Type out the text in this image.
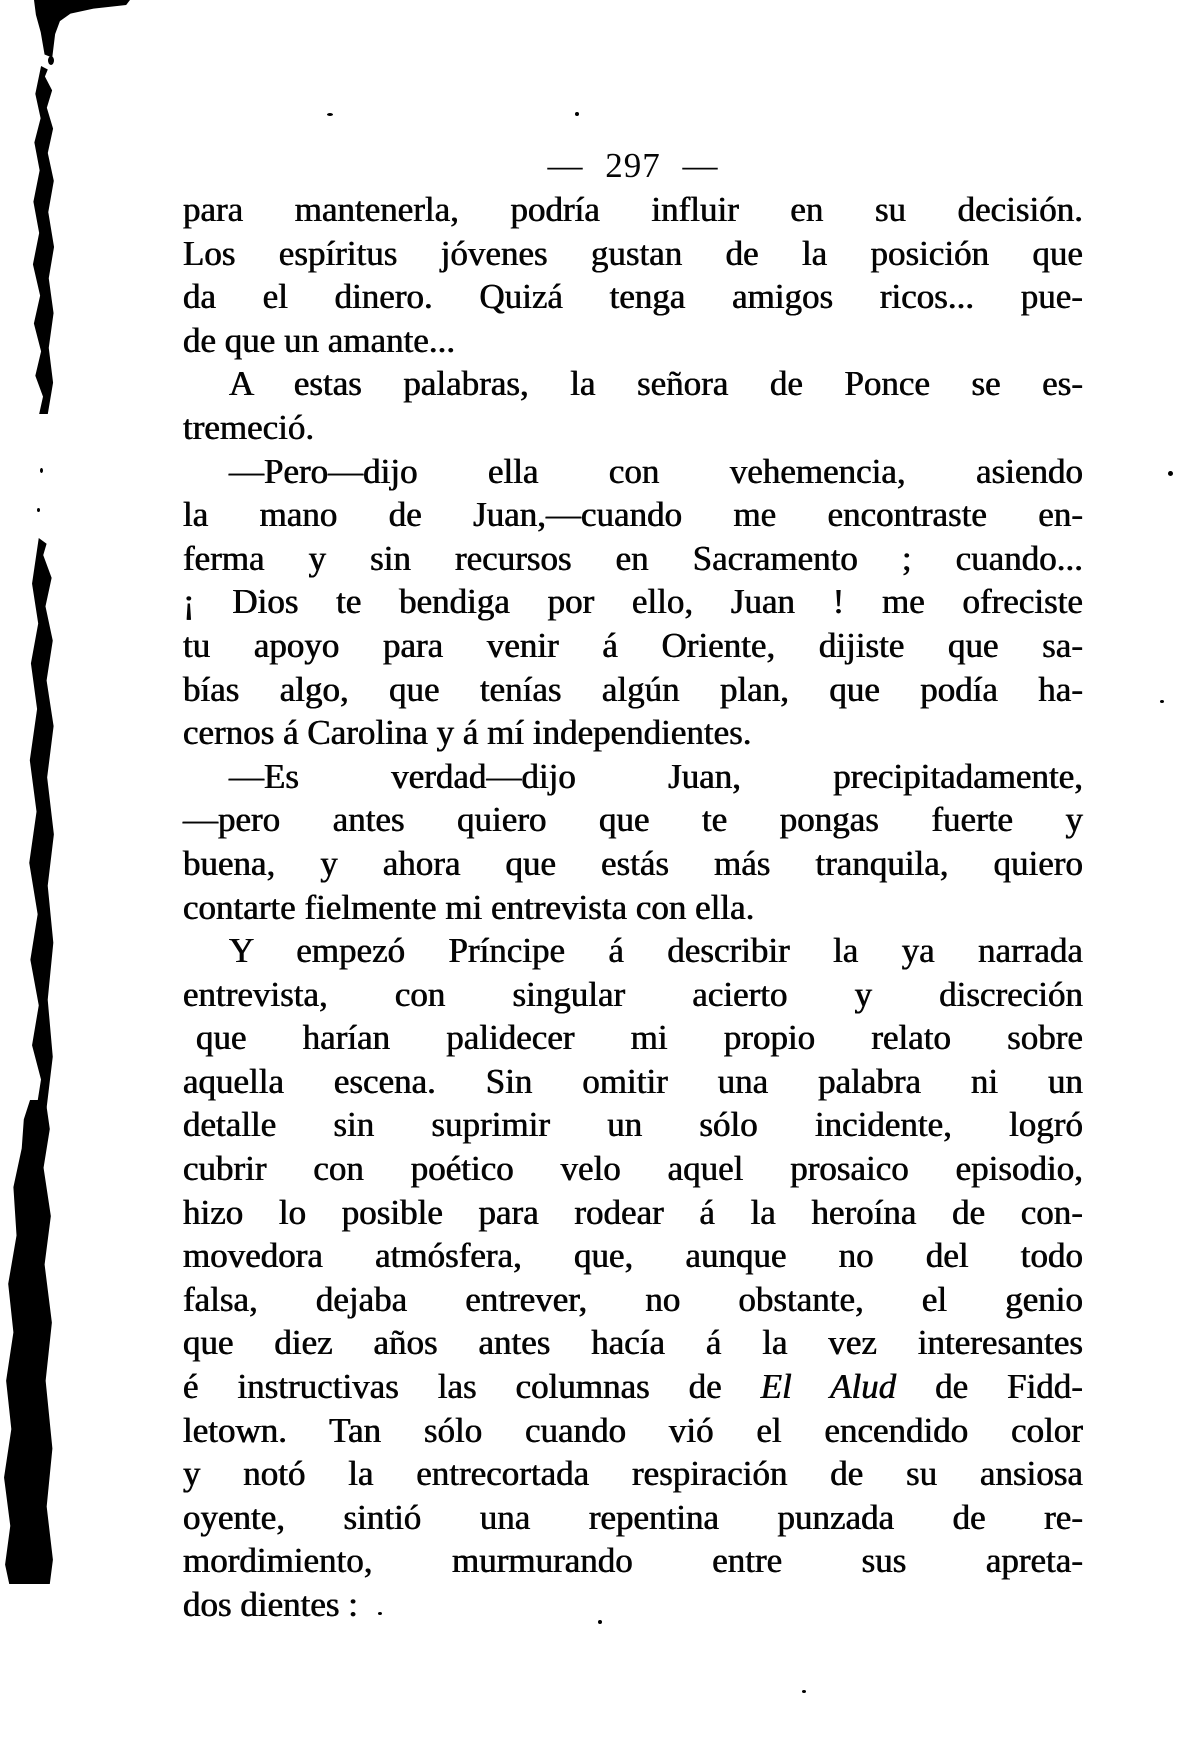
— 297 —
para mantenerla, podría influir en su decisión.
Los espíritus jóvenes gustan de la posición que
da el dinero. Quizá tenga amigos ricos... pue-
de que un amante...
A estas palabras, la señora de Ponce se es-
tremeció.
—Pero—dijo ella con vehemencia, asiendo
la mano de Juan,—cuando me encontraste en-
ferma y sin recursos en Sacramento ; cuando...
¡ Dios te bendiga por ello, Juan ! me ofreciste
tu apoyo para venir á Oriente, dijiste que sa-
bías algo, que tenías algún plan, que podía ha-
cernos á Carolina y á mí independientes.
—Es verdad—dijo Juan, precipitadamente,
—pero antes quiero que te pongas fuerte y
buena, y ahora que estás más tranquila, quiero
contarte fielmente mi entrevista con ella.
Y empezó Príncipe á describir la ya narrada
entrevista, con singular acierto y discreción
que harían palidecer mi propio relato sobre
aquella escena. Sin omitir una palabra ni un
detalle sin suprimir un sólo incidente, logró
cubrir con poético velo aquel prosaico episodio,
hizo lo posible para rodear á la heroína de con-
movedora atmósfera, que, aunque no del todo
falsa, dejaba entrever, no obstante, el genio
que diez años antes hacía á la vez interesantes
é instructivas las columnas de El Alud de Fidd-
letown. Tan sólo cuando vió el encendido color
y notó la entrecortada respiración de su ansiosa
oyente, sintió una repentina punzada de re-
mordimiento, murmurando entre sus apreta-
dos dientes :
